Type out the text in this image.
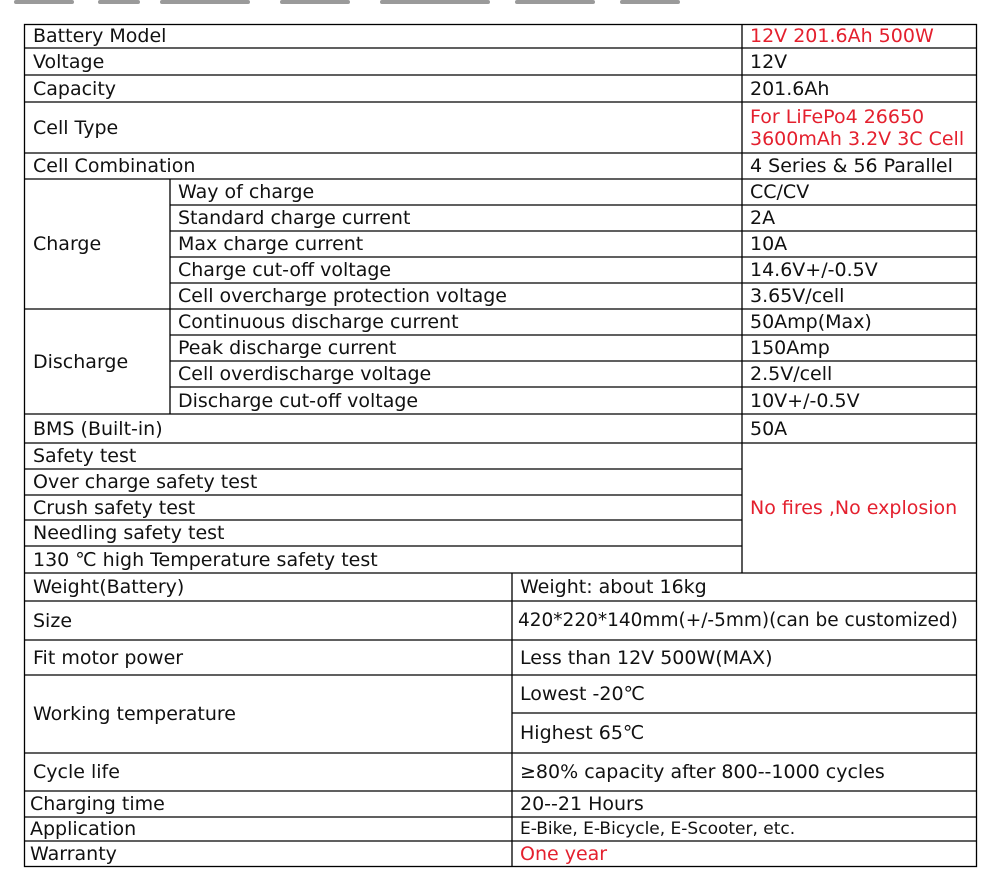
Battery Model	12V 201.6Ah 500W
Voltage	12V
Capacity	201.6Ah
Cell Type	For LiFePo4 26650
3600mAh 3.2V 3C Cell
Cell Combination	4 Series & 56 Parallel
Charge
Way of charge	CC/CV
Standard charge current	2A
Max charge current	10A
Charge cut-off voltage	14.6V+/-0.5V
Cell overcharge protection voltage	3.65V/cell
Discharge
Continuous discharge current	50Amp(Max)
Peak discharge current	150Amp
Cell overdischarge voltage	2.5V/cell
Discharge cut-off voltage	10V+/-0.5V
BMS (Built-in)	50A
Safety test
Over charge safety test
Crush safety test
Needling safety test
130 ℃ high Temperature safety test
No fires ,No explosion
Weight(Battery)	Weight: about 16kg
Size	420*220*140mm(+/-5mm)(can be customized)
Fit motor power	Less than 12V 500W(MAX)
Working temperature
Lowest -20℃
Highest 65℃
Cycle life	≥80% capacity after 800--1000 cycles
Charging time	20--21 Hours
Application	E-Bike, E-Bicycle, E-Scooter, etc.
Warranty	One year
